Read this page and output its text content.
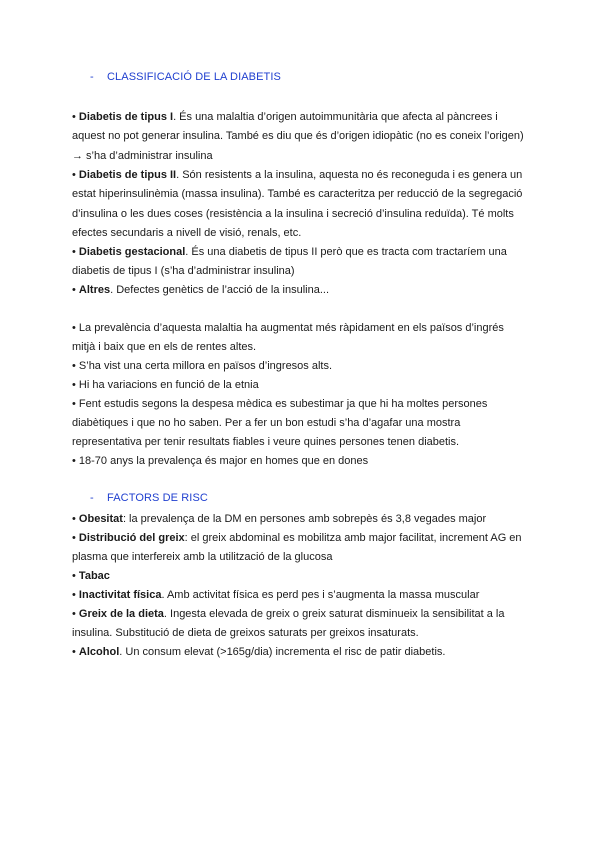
- CLASSIFICACIÓ DE LA DIABETIS
• Diabetis de tipus I. És una malaltia d’origen autoimmunitària que afecta al pàncrees i
aquest no pot generar insulina. També es diu que és d’origen idiopàtic (no es coneix l’origen)
→ s’ha d’administrar insulina
• Diabetis de tipus II. Són resistents a la insulina, aquesta no és reconeguda i es genera un
estat hiperinsulinèmia (massa insulina). També es caracteritza per reducció de la segregació
d’insulina o les dues coses (resistència a la insulina i secreció d’insulina reduïda). Té molts
efectes secundaris a nivell de visió, renals, etc.
• Diabetis gestacional. És una diabetis de tipus II però que es tracta com tractaríem una
diabetis de tipus I (s’ha d’administrar insulina)
• Altres. Defectes genètics de l’acció de la insulina...
• La prevalència d’aquesta malaltia ha augmentat més ràpidament en els països d’ingrés
mitjà i baix que en els de rentes altes.
• S’ha vist una certa millora en països d’ingresos alts.
• Hi ha variacions en funció de la etnia
• Fent estudis segons la despesa mèdica es subestimar ja que hi ha moltes persones
diabètiques i que no ho saben. Per a fer un bon estudi s’ha d’agafar una mostra
representativa per tenir resultats fiables i veure quines persones tenen diabetis.
• 18-70 anys la prevalença és major en homes que en dones
- FACTORS DE RISC
• Obesitat: la prevalença de la DM en persones amb sobrepès és 3,8 vegades major
• Distribució del greix: el greix abdominal es mobilitza amb major facilitat, increment AG en
plasma que interfereix amb la utilització de la glucosa
• Tabac
• Inactivitat física. Amb activitat física es perd pes i s’augmenta la massa muscular
• Greix de la dieta. Ingesta elevada de greix o greix saturat disminueix la sensibilitat a la
insulina. Substitució de dieta de greixos saturats per greixos insaturats.
• Alcohol. Un consum elevat (>165g/dia) incrementa el risc de patir diabetis.
